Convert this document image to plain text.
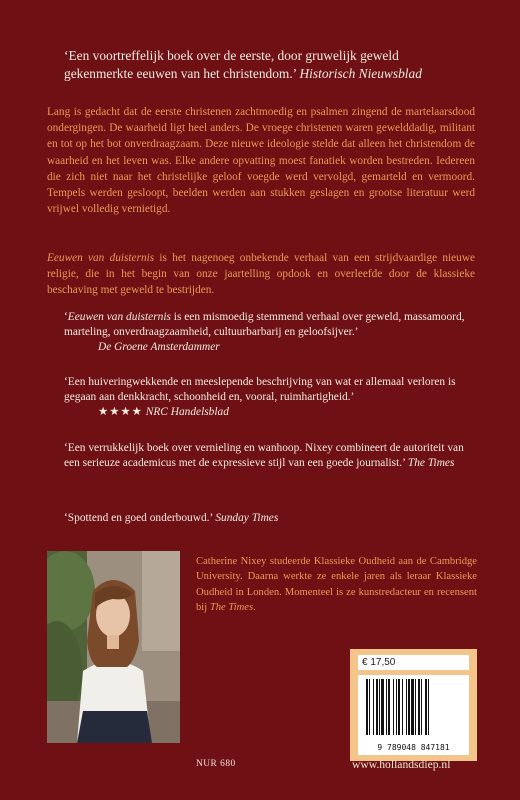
‘Een voortreffelijk boek over de eerste, door gruwelijk geweld gekenmerkte eeuwen van het christendom.’ Historisch Nieuwsblad

Lang is gedacht dat de eerste christenen zachtmoedig en psalmen zingend de martelaarsdood ondergingen. De waarheid ligt heel anders. De vroege christenen waren gewelddadig, militant en tot op het bot onverdraagzaam. Deze nieuwe ideologie stelde dat alleen het christendom de waarheid en het leven was. Elke andere opvatting moest fanatiek worden bestreden. Iedereen die zich niet naar het christelijke geloof voegde werd vervolgd, gemarteld en vermoord. Tempels werden gesloopt, beelden werden aan stukken geslagen en grootse literatuur werd vrijwel volledig vernietigd.

Eeuwen van duisternis is het nagenoeg onbekende verhaal van een strijdvaardige nieuwe religie, die in het begin van onze jaartelling opdook en overleefde door de klassieke beschaving met geweld te bestrijden.

‘Eeuwen van duisternis is een mismoedig stemmend verhaal over geweld, massamoord, marteling, onverdraagzaamheid, cultuurbarbarij en geloofsijver.’
De Groene Amsterdammer

‘Een huiveringwekkende en meeslepende beschrijving van wat er allemaal verloren is gegaan aan denkkracht, schoonheid en, vooral, ruimhartigheid.’
★★★★ NRC Handelsblad

‘Een verrukkelijk boek over vernieling en wanhoop. Nixey combineert de autoriteit van een serieuze academicus met de expressieve stijl van een goede journalist.’ The Times

‘Spottend en goed onderbouwd.’ Sunday Times

Catherine Nixey studeerde Klassieke Oudheid aan de Cambridge University. Daarna werkte ze enkele jaren als leraar Klassieke Oudheid in Londen. Momenteel is ze kunstredacteur en recensent bij The Times.

€ 17,50
9 789048 847181

NUR 680	www.hollandsdiep.nl
